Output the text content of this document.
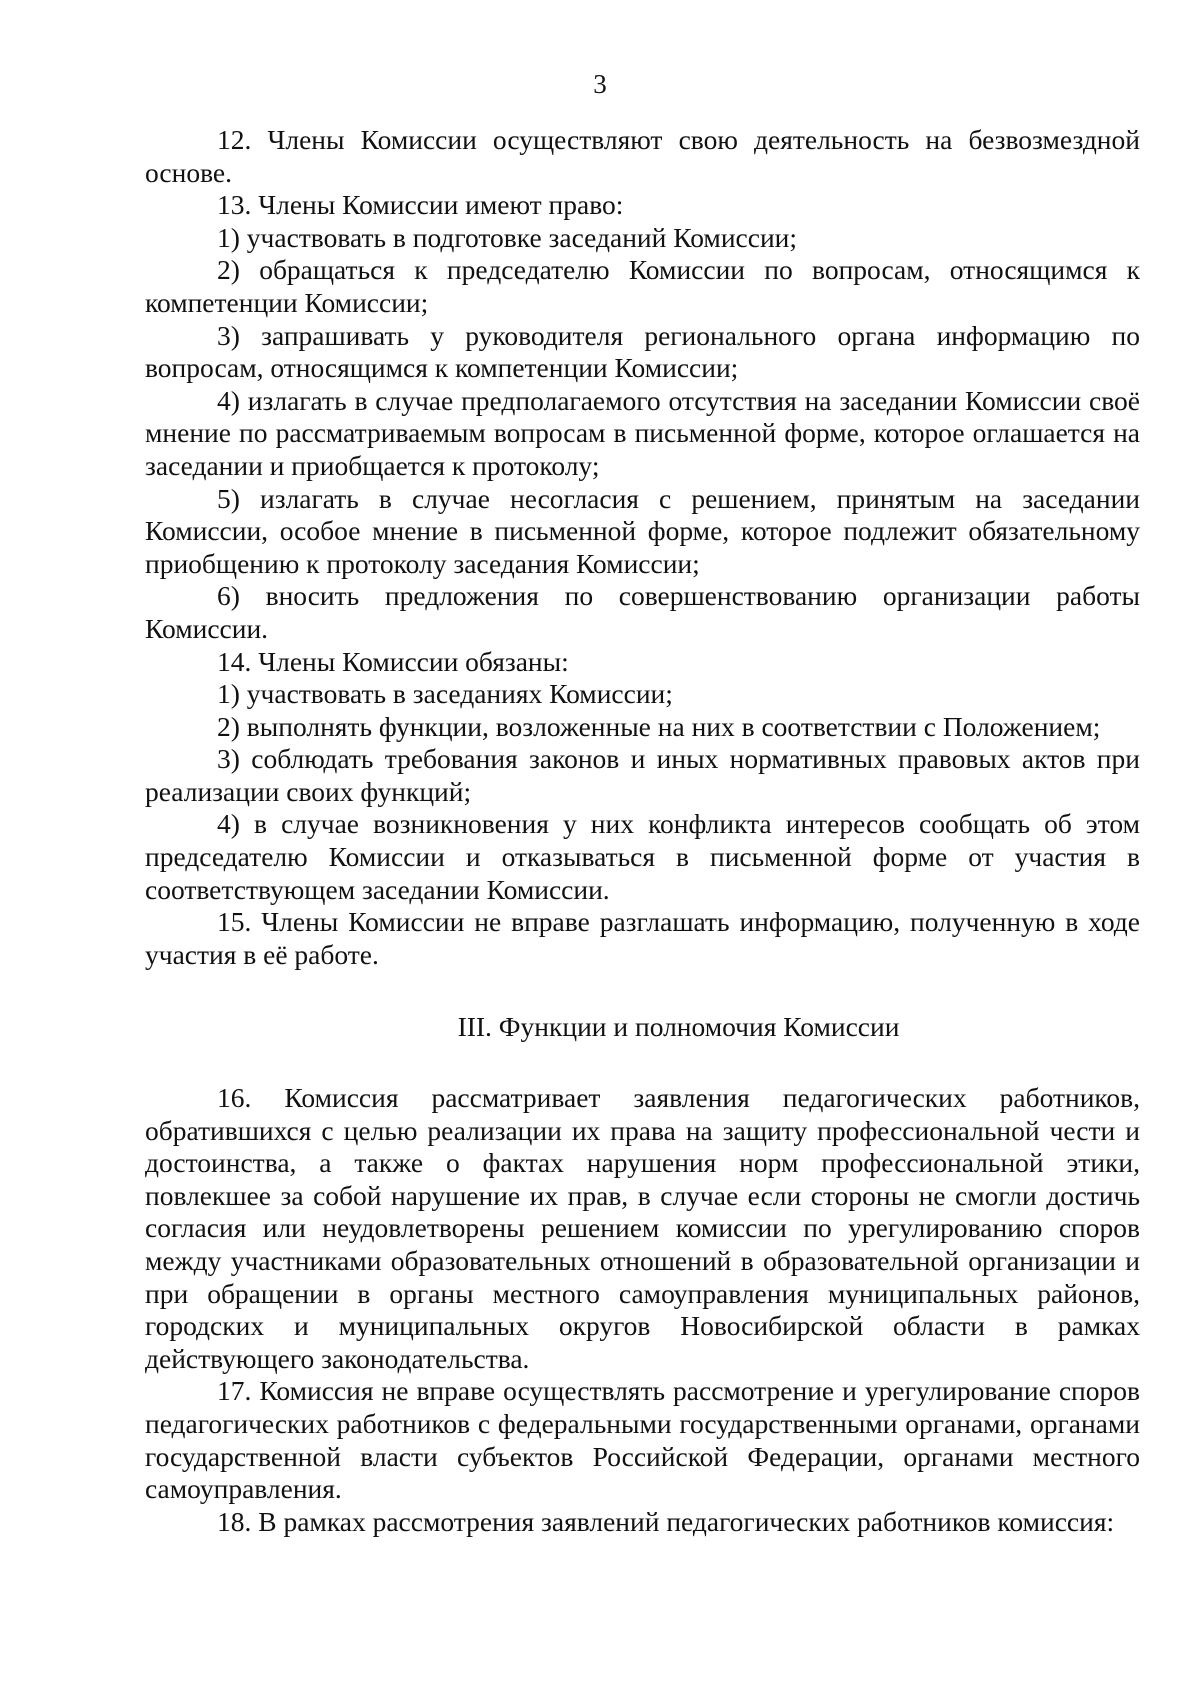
3

12. Члены Комиссии осуществляют свою деятельность на безвозмездной основе.

13. Члены Комиссии имеют право:

1) участвовать в подготовке заседаний Комиссии;

2) обращаться к председателю Комиссии по вопросам, относящимся к компетенции Комиссии;

3) запрашивать у руководителя регионального органа информацию по вопросам, относящимся к компетенции Комиссии;

4) излагать в случае предполагаемого отсутствия на заседании Комиссии своё мнение по рассматриваемым вопросам в письменной форме, которое оглашается на заседании и приобщается к протоколу;

5) излагать в случае несогласия с решением, принятым на заседании Комиссии, особое мнение в письменной форме, которое подлежит обязательному приобщению к протоколу заседания Комиссии;

6) вносить предложения по совершенствованию организации работы Комиссии.

14. Члены Комиссии обязаны:

1) участвовать в заседаниях Комиссии;

2) выполнять функции, возложенные на них в соответствии с Положением;

3) соблюдать требования законов и иных нормативных правовых актов при реализации своих функций;

4) в случае возникновения у них конфликта интересов сообщать об этом председателю Комиссии и отказываться в письменной форме от участия в соответствующем заседании Комиссии.

15. Члены Комиссии не вправе разглашать информацию, полученную в ходе участия в её работе.

III. Функции и полномочия Комиссии

16. Комиссия рассматривает заявления педагогических работников, обратившихся с целью реализации их права на защиту профессиональной чести и достоинства, а также о фактах нарушения норм профессиональной этики, повлекшее за собой нарушение их прав, в случае если стороны не смогли достичь согласия или неудовлетворены решением комиссии по урегулированию споров между участниками образовательных отношений в образовательной организации и при обращении в органы местного самоуправления муниципальных районов, городских и муниципальных округов Новосибирской области в рамках действующего законодательства.

17. Комиссия не вправе осуществлять рассмотрение и урегулирование споров педагогических работников с федеральными государственными органами, органами государственной власти субъектов Российской Федерации, органами местного самоуправления.

18. В рамках рассмотрения заявлений педагогических работников комиссия:
